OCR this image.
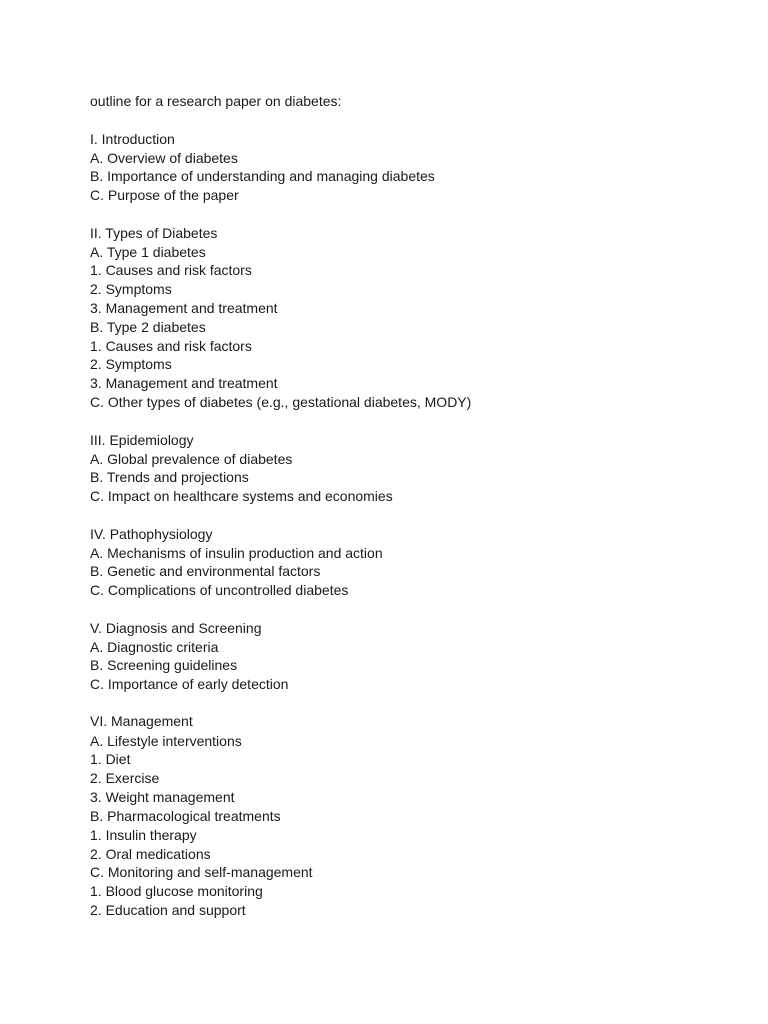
outline for a research paper on diabetes:

I. Introduction

A. Overview of diabetes

B. Importance of understanding and managing diabetes

C. Purpose of the paper

II. Types of Diabetes

A. Type 1 diabetes

1. Causes and risk factors

2. Symptoms

3. Management and treatment

B. Type 2 diabetes

1. Causes and risk factors

2. Symptoms

3. Management and treatment

C. Other types of diabetes (e.g., gestational diabetes, MODY)

III. Epidemiology

A. Global prevalence of diabetes

B. Trends and projections

C. Impact on healthcare systems and economies

IV. Pathophysiology

A. Mechanisms of insulin production and action

B. Genetic and environmental factors

C. Complications of uncontrolled diabetes

V. Diagnosis and Screening

A. Diagnostic criteria

B. Screening guidelines

C. Importance of early detection

VI. Management

A. Lifestyle interventions

1. Diet

2. Exercise

3. Weight management

B. Pharmacological treatments

1. Insulin therapy

2. Oral medications

C. Monitoring and self-management

1. Blood glucose monitoring

2. Education and support
